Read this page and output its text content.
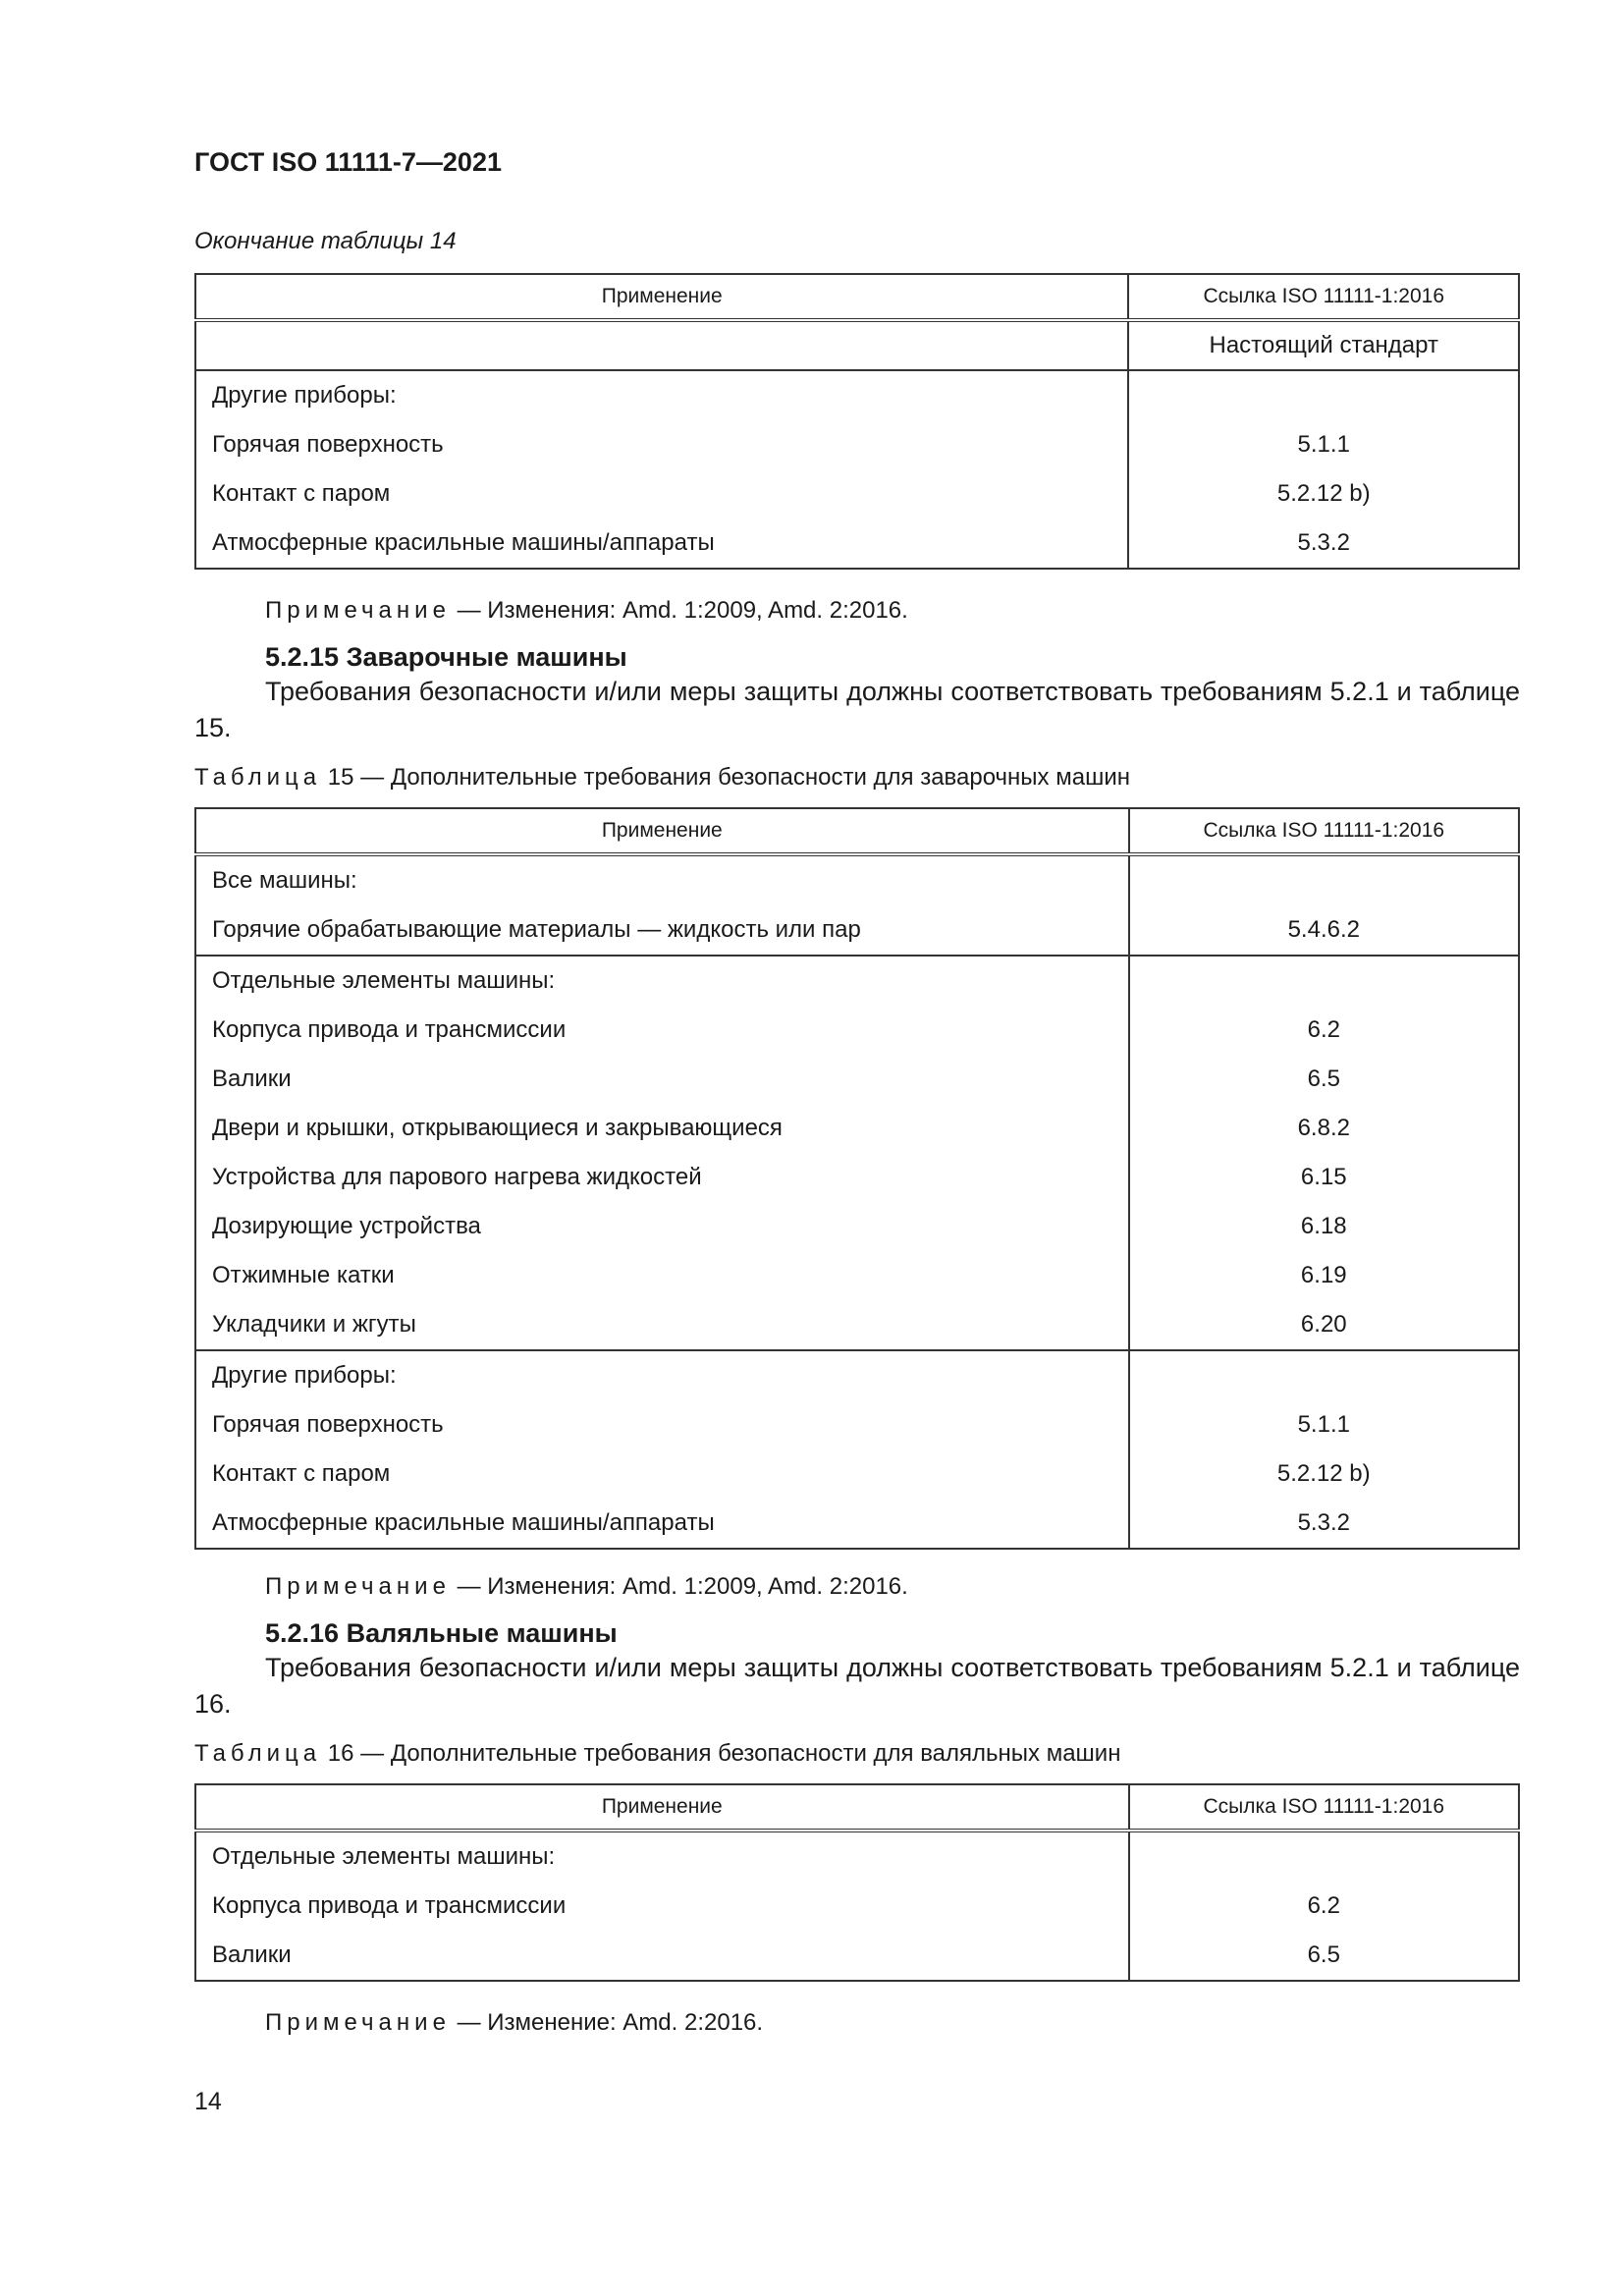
ГОСТ ISO 11111-7—2021
Окончание таблицы 14
Применение	Ссылка ISO 11111-1:2016
	Настоящий стандарт
Другие приборы:	
Горячая поверхность	5.1.1
Контакт с паром	5.2.12 b)
Атмосферные красильные машины/аппараты	5.3.2
Примечание — Изменения: Amd. 1:2009, Amd. 2:2016.
5.2.15 Заварочные машины
Требования безопасности и/или меры защиты должны соответствовать требованиям 5.2.1 и таблице 15.
Таблица 15 — Дополнительные требования безопасности для заварочных машин
Применение	Ссылка ISO 11111-1:2016
Все машины:	
Горячие обрабатывающие материалы — жидкость или пар	5.4.6.2
Отдельные элементы машины:	
Корпуса привода и трансмиссии	6.2
Валики	6.5
Двери и крышки, открывающиеся и закрывающиеся	6.8.2
Устройства для парового нагрева жидкостей	6.15
Дозирующие устройства	6.18
Отжимные катки	6.19
Укладчики и жгуты	6.20
Другие приборы:	
Горячая поверхность	5.1.1
Контакт с паром	5.2.12 b)
Атмосферные красильные машины/аппараты	5.3.2
Примечание — Изменения: Amd. 1:2009, Amd. 2:2016.
5.2.16 Валяльные машины
Требования безопасности и/или меры защиты должны соответствовать требованиям 5.2.1 и таблице 16.
Таблица 16 — Дополнительные требования безопасности для валяльных машин
Применение	Ссылка ISO 11111-1:2016
Отдельные элементы машины:	
Корпуса привода и трансмиссии	6.2
Валики	6.5
Примечание — Изменение: Amd. 2:2016.
14
